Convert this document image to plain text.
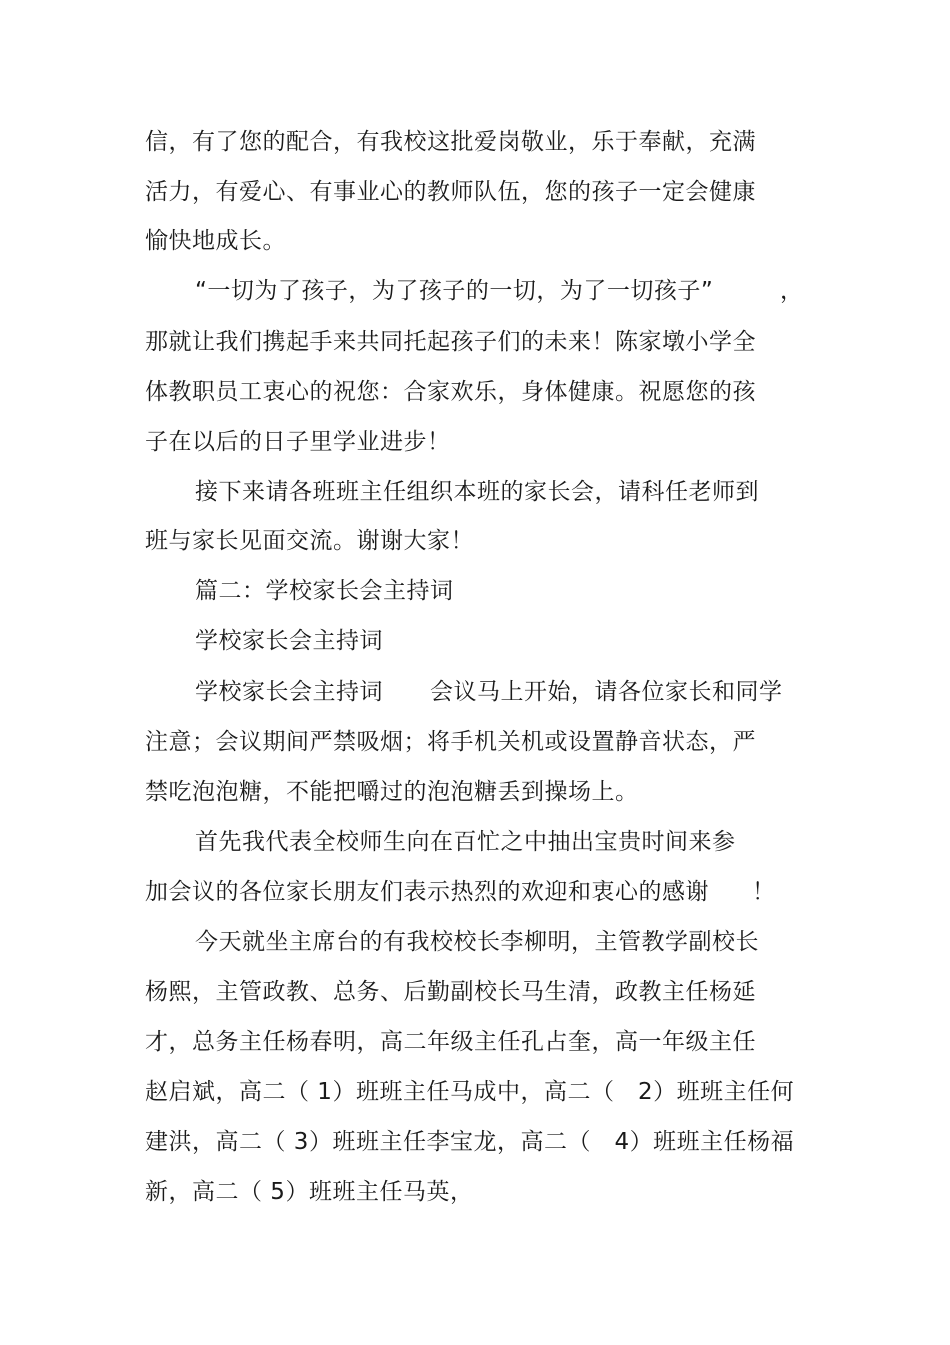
信，有了您的配合，有我校这批爱岗敬业，乐于奉献，充满
活力，有爱心、有事业心的教师队伍，您的孩子一定会健康
愉快地成长。
“一切为了孩子，为了孩子的一切，为了一切孩子”	，
那就让我们携起手来共同托起孩子们的未来！陈家墩小学全
体教职员工衷心的祝您：合家欢乐，身体健康。祝愿您的孩
子在以后的日子里学业进步！
接下来请各班班主任组织本班的家长会，请科任老师到
班与家长见面交流。谢谢大家！
篇二：学校家长会主持词
学校家长会主持词
学校家长会主持词　　会议马上开始，请各位家长和同学
注意；会议期间严禁吸烟；将手机关机或设置静音状态，严
禁吃泡泡糖，不能把嚼过的泡泡糖丢到操场上。
首先我代表全校师生向在百忙之中抽出宝贵时间来参
加会议的各位家长朋友们表示热烈的欢迎和衷心的感谢 ！
今天就坐主席台的有我校校长李柳明，主管教学副校长
杨熙，主管政教、总务、后勤副校长马生清，政教主任杨延
才，总务主任杨春明，高二年级主任孔占奎，高一年级主任
赵启斌，高二（ 1）班班主任马成中，高二（　2）班班主任何
建洪，高二（ 3）班班主任李宝龙，高二（　4）班班主任杨福
新，高二（ 5）班班主任马英，
